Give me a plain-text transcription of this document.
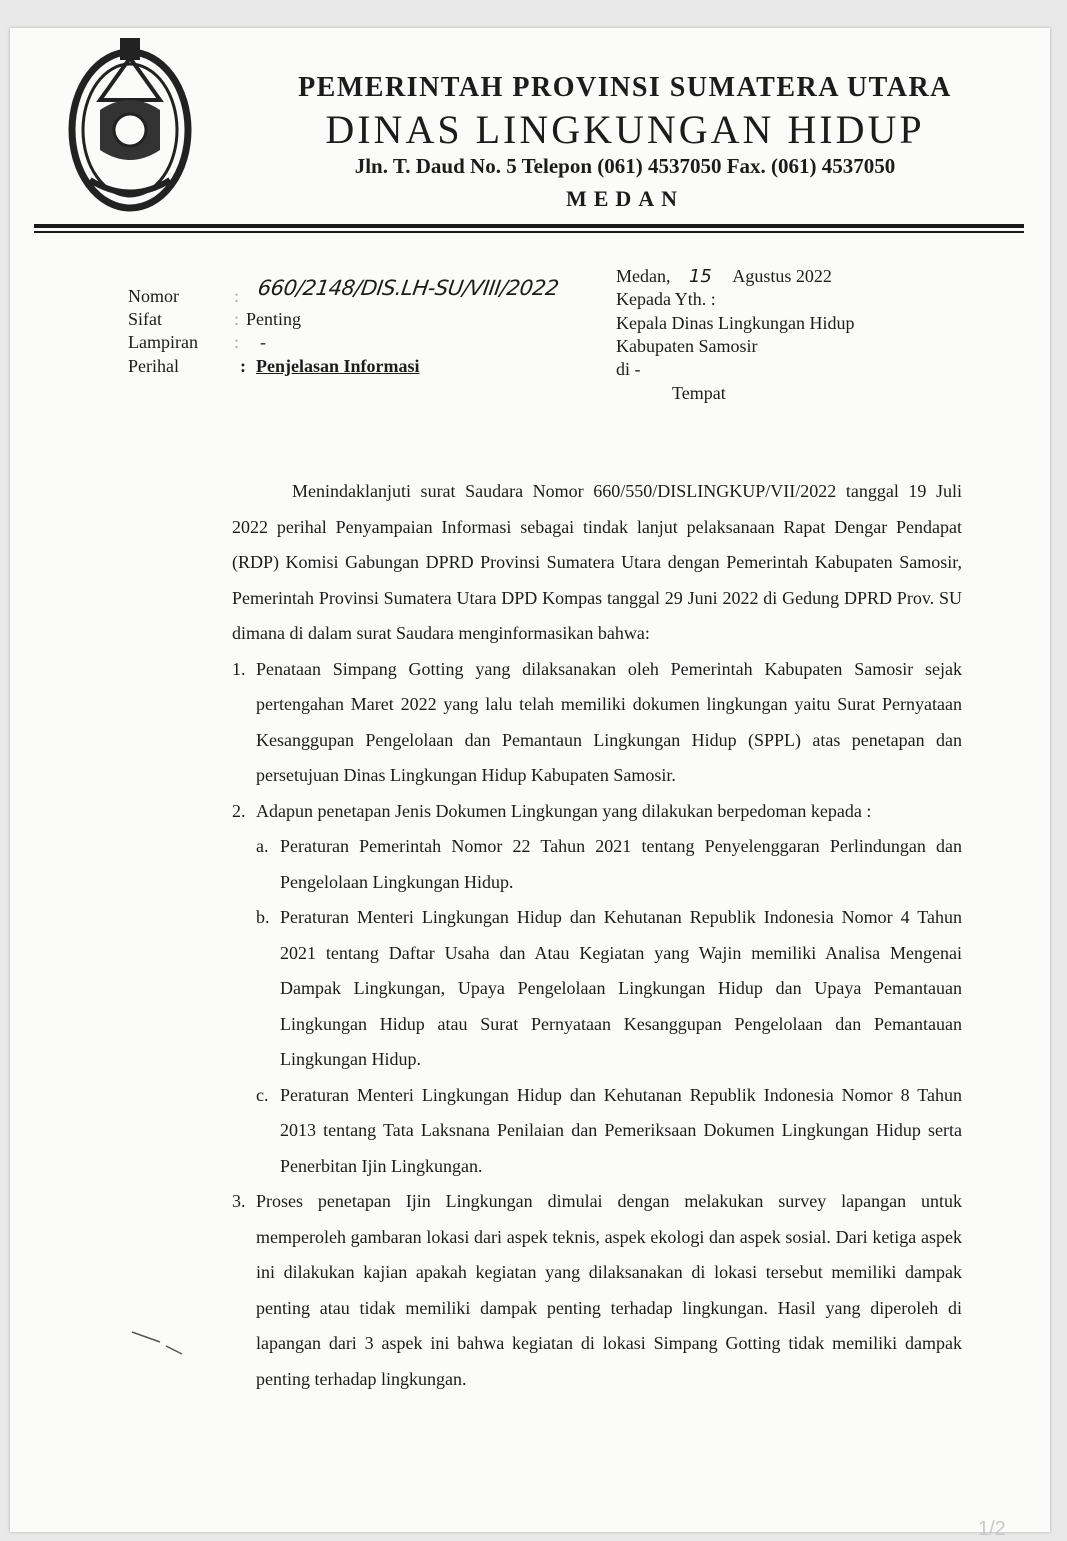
PEMERINTAH PROVINSI SUMATERA UTARA
DINAS LINGKUNGAN HIDUP
Jln. T. Daud No. 5 Telepon (061) 4537050 Fax. (061) 4537050
MEDAN
Nomor	: 660/2148/DIS.LH-SU/VIII/2022
Sifat	: Penting
Lampiran : -
Perihal	: Penjelasan Informasi
Medan, 15 Agustus 2022
Kepada Yth. :
Kepala Dinas Lingkungan Hidup
Kabupaten Samosir
di -
Tempat

Menindaklanjuti surat Saudara Nomor 660/550/DISLINGKUP/VII/2022 tanggal 19 Juli 2022 perihal Penyampaian Informasi sebagai tindak lanjut pelaksanaan Rapat Dengar Pendapat (RDP) Komisi Gabungan DPRD Provinsi Sumatera Utara dengan Pemerintah Kabupaten Samosir, Pemerintah Provinsi Sumatera Utara DPD Kompas tanggal 29 Juni 2022 di Gedung DPRD Prov. SU dimana di dalam surat Saudara menginformasikan bahwa:

1. Penataan Simpang Gotting yang dilaksanakan oleh Pemerintah Kabupaten Samosir sejak pertengahan Maret 2022 yang lalu telah memiliki dokumen lingkungan yaitu Surat Pernyataan Kesanggupan Pengelolaan dan Pemantaun Lingkungan Hidup (SPPL) atas penetapan dan persetujuan Dinas Lingkungan Hidup Kabupaten Samosir.
2. Adapun penetapan Jenis Dokumen Lingkungan yang dilakukan berpedoman kepada :
a. Peraturan Pemerintah Nomor 22 Tahun 2021 tentang Penyelenggaran Perlindungan dan Pengelolaan Lingkungan Hidup.
b. Peraturan Menteri Lingkungan Hidup dan Kehutanan Republik Indonesia Nomor 4 Tahun 2021 tentang Daftar Usaha dan Atau Kegiatan yang Wajin memiliki Analisa Mengenai Dampak Lingkungan, Upaya Pengelolaan Lingkungan Hidup dan Upaya Pemantauan Lingkungan Hidup atau Surat Pernyataan Kesanggupan Pengelolaan dan Pemantauan Lingkungan Hidup.
c. Peraturan Menteri Lingkungan Hidup dan Kehutanan Republik Indonesia Nomor 8 Tahun 2013 tentang Tata Laksnana Penilaian dan Pemeriksaan Dokumen Lingkungan Hidup serta Penerbitan Ijin Lingkungan.
3. Proses penetapan Ijin Lingkungan dimulai dengan melakukan survey lapangan untuk memperoleh gambaran lokasi dari aspek teknis, aspek ekologi dan aspek sosial. Dari ketiga aspek ini dilakukan kajian apakah kegiatan yang dilaksanakan di lokasi tersebut memiliki dampak penting atau tidak memiliki dampak penting terhadap lingkungan. Hasil yang diperoleh di lapangan dari 3 aspek ini bahwa kegiatan di lokasi Simpang Gotting tidak memiliki dampak penting terhadap lingkungan.
1/2
